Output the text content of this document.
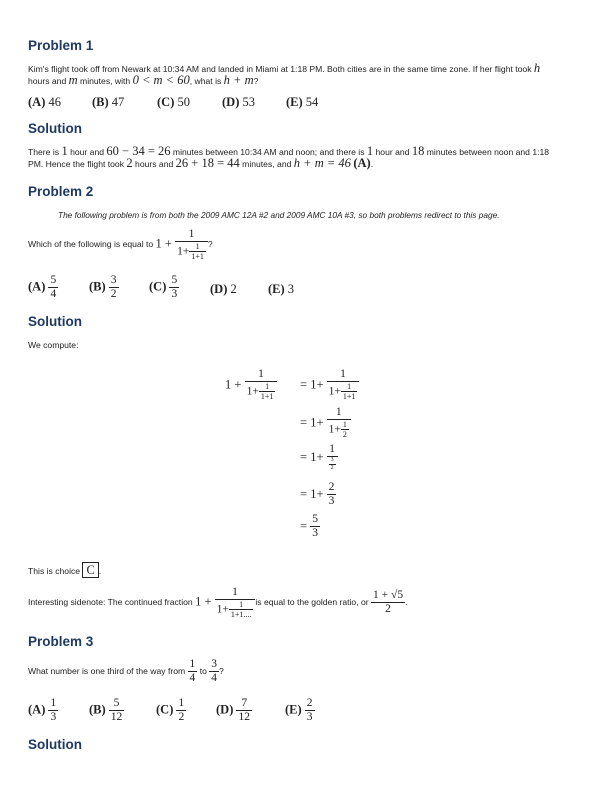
Problem 1
Kim's flight took off from Newark at 10:34 AM and landed in Miami at 1:18 PM. Both cities are in the same time zone. If her flight took h
hours and m minutes, with 0 < m < 60, what is h + m?
(A) 46 (B) 47	(C) 50	(D) 53 (E) 54
Solution
There is 1 hour and 60 − 34 = 26 minutes between 10:34 AM and noon; and there is 1 hour and 18 minutes between noon and 1:18
PM. Hence the flight took 2 hours and 26 + 18 = 44 minutes, and h + m = 46 (A).
Problem 2
The following problem is from both the 2009 AMC 12A #2 and 2009 AMC 10A #3, so both problems redirect to this page.
Which of the following is equal to $1 + \frac{1}{1+ \frac{1}{1+1}}$ ?
$(A) \frac{5}{4} (B) \frac{3}{2} (C) \frac{5}{3} (D)$ 2	(E) 3
Solution
We compute:
$1 + \frac{1}{1+ \frac{1}{1+1}} = 1+ \frac{1}{1+ \frac{1}{1+1}}$
= $1+ \frac{1}{1+ \frac{1}{2}}$
= $1+ \frac{1}{\frac{3}{2}}$
= $1+ \frac{2}{3}$
= $\frac{5}{3}$
This is choice C .
Interesting sidenote: The continued fraction $1 + \frac{1}{1+ \frac{1}{1+1....}}$ is equal to the golden ratio, or $\frac{1 + √5}{2}$ .
Problem 3
What number is one third of the way from $\frac{1}{4}$ to $\frac{3}{4}$ ?
$(A) \frac{1}{3} (B) \frac{5}{12}$	$(C) \frac{1}{2} (D) \frac{7}{12}$	$(E) \frac{2}{3}$
Solution
